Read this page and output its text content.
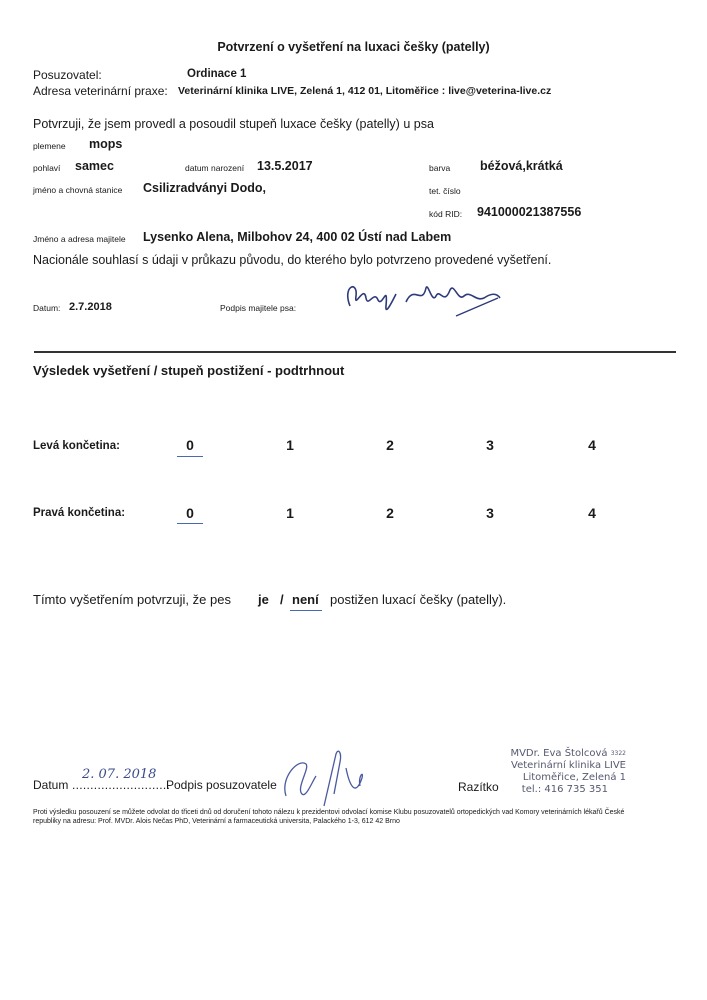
Potvrzení o vyšetření na luxaci češky (patelly)
Posuzovatel:	Ordinace 1
Adresa veterinární praxe: Veterinární klinika LIVE, Zelená 1, 412 01, Litoměřice : live@veterina-live.cz
Potvrzuji, že jsem provedl a posoudil stupeň luxace češky (patelly) u psa
plemene mops
pohlaví samec	datum narození 13.5.2017	barva béžová,krátká
jméno a chovná stanice Csilizradványi Dodo,	tet. číslo
kód RID: 941000021387556
Jméno a adresa majitele Lysenko Alena, Milbohov 24, 400 02 Ústí nad Labem
Nacionále souhlasí s údaji v průkazu původu, do kterého bylo potvrzeno provedené vyšetření.
Datum: 2.7.2018	Podpis majitele psa:
Výsledek vyšetření / stupeň postižení - podtrhnout
Levá končetina:	0	1	2	3	4
Pravá končetina:	0	1	2	3	4
Tímto vyšetřením potvrzuji, že pes je / není postižen luxací češky (patelly).
Datum ...........................
2. 07. 2018
Podpis posuzovatele	Razítko
MVDr. Eva Štolcová $^{3322}$
Veterinární klinika LIVE
Litoměřice, Zelená 1
tel.: 416 735 351
Proti výsledku posouzení se můžete odvolat do třiceti dnů od doručení tohoto nálezu k prezidentovi odvolací komise Klubu posuzovatelů ortopedických vad Komory veterinárních lékařů České republiky na adresu: Prof. MVDr. Alois Nečas PhD, Veterinární a farmaceutická universita, Palackého 1-3, 612 42 Brno
